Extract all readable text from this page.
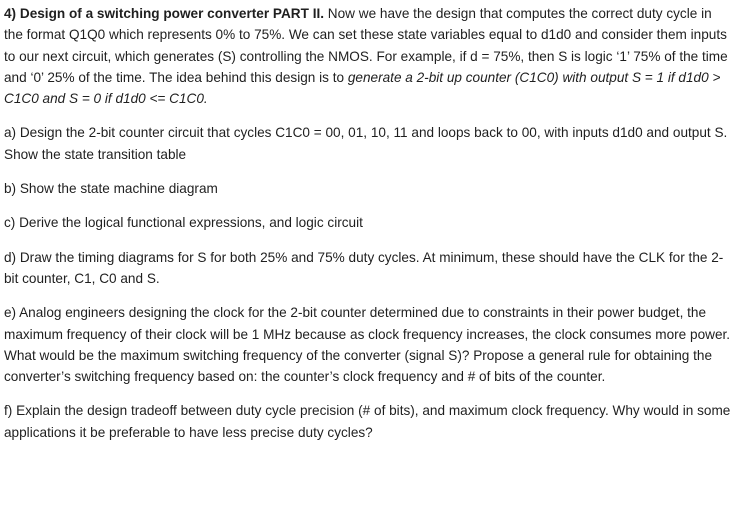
4) Design of a switching power converter PART II. Now we have the design that computes the correct duty cycle in the format Q1Q0 which represents 0% to 75%. We can set these state variables equal to d1d0 and consider them inputs to our next circuit, which generates (S) controlling the NMOS. For example, if d = 75%, then S is logic ‘1’ 75% of the time and ‘0’ 25% of the time. The idea behind this design is to generate a 2-bit up counter (C1C0) with output S = 1 if d1d0 > C1C0 and S = 0 if d1d0 <= C1C0.

a) Design the 2-bit counter circuit that cycles C1C0 = 00, 01, 10, 11 and loops back to 00, with inputs d1d0 and output S. Show the state transition table

b) Show the state machine diagram

c) Derive the logical functional expressions, and logic circuit

d) Draw the timing diagrams for S for both 25% and 75% duty cycles. At minimum, these should have the CLK for the 2-bit counter, C1, C0 and S.

e) Analog engineers designing the clock for the 2-bit counter determined due to constraints in their power budget, the maximum frequency of their clock will be 1 MHz because as clock frequency increases, the clock consumes more power. What would be the maximum switching frequency of the converter (signal S)? Propose a general rule for obtaining the converter’s switching frequency based on: the counter’s clock frequency and # of bits of the counter.

f) Explain the design tradeoff between duty cycle precision (# of bits), and maximum clock frequency. Why would in some applications it be preferable to have less precise duty cycles?
